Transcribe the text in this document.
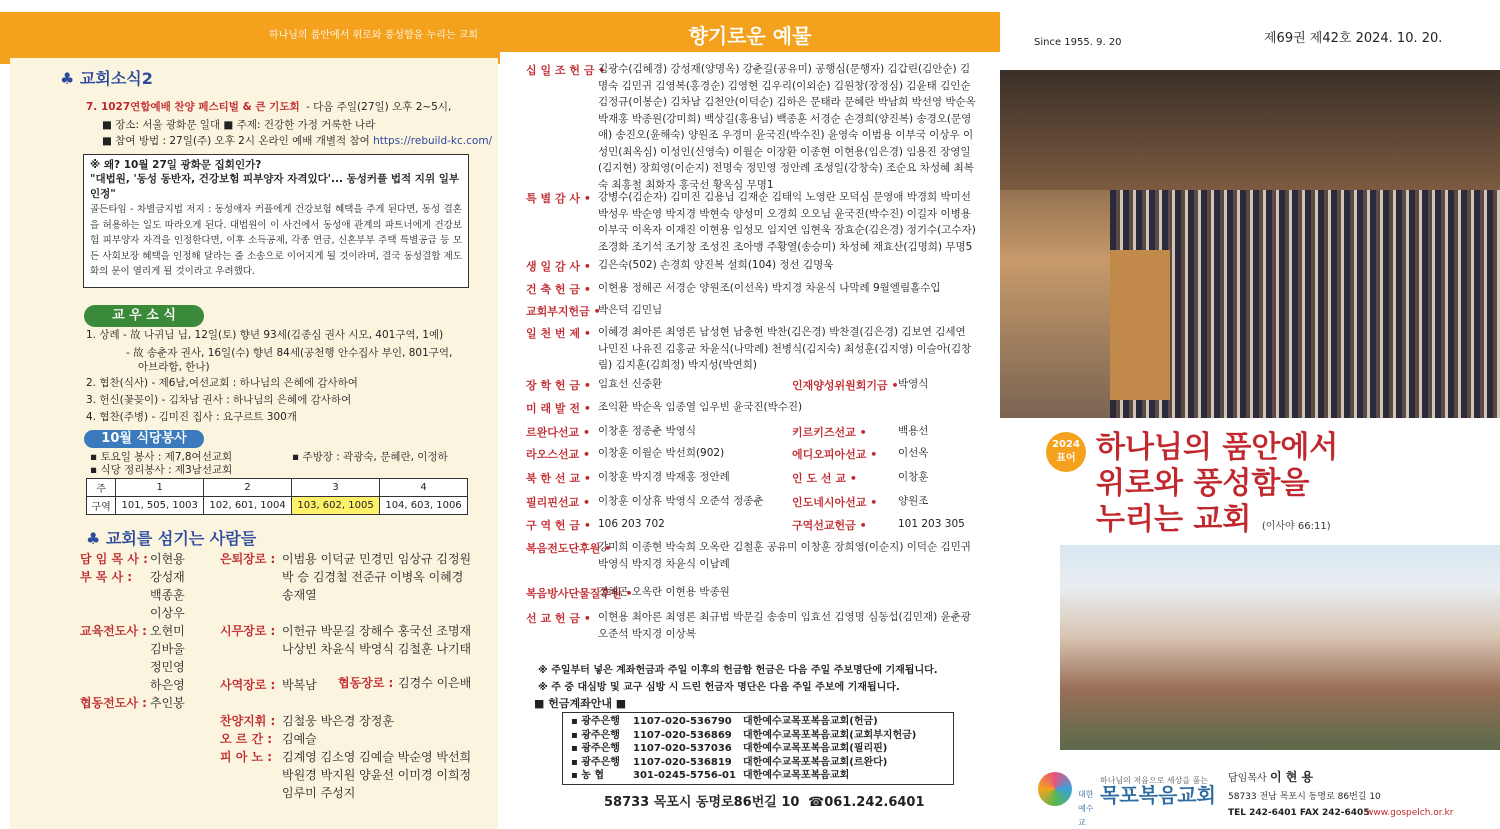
하나님의 품안에서 위로와 풍성함을 누리는 교회
♣ 교회소식2
7. 1027연합예배 찬양 페스티벌 & 큰 기도회 - 다음 주일(27일) 오후 2~5시,
■ 장소: 서울 광화문 일대 ■ 주제: 건강한 가정 거룩한 나라
■ 참여 방법 : 27일(주) 오후 2시 온라인 예배 개별적 참여 https://rebuild-kc.com/
※ 왜? 10월 27일 광화문 집회인가?
"대법원, '동성 동반자, 건강보험 피부양자 자격있다'... 동성커플 법적 지위 일부 인정"
골든타임 - 차별금지법 저지 : 동성애자 커플에게 건강보험 혜택을 주게 된다면, 동성 결혼을 허용하는 일도 따라오게 된다. 대법원이 이 사건에서 동성애 관계의 파트너에게 건강보험 피부양자 자격을 인정한다면, 이후 소득공제, 각종 연금, 신혼부부 주택 특별공급 등 모든 사회보장 혜택을 인정해 달라는 줄 소송으로 이어지게 될 것이라며, 결국 동성결합 제도화의 문이 열리게 될 것이라고 우려했다.
교 우 소 식
1. 상례 - 故 나귀님 님, 12일(토) 향년 93세(김종심 권사 시모, 401구역, 1예)
- 故 송춘자 권사, 16일(수) 향년 84세(공천행 안수집사 부인, 801구역,
아브라함, 한나)
2. 협찬(식사) - 제6남,여선교회 : 하나님의 은혜에 감사하여
3. 헌신(꽃꽂이) - 김차남 권사 : 하나님의 은혜에 감사하여
4. 협찬(주병) - 김미진 집사 : 요구르트 300개
10월 식당봉사
▪ 토요일 봉사 : 제7,8여선교회	▪ 주방장 : 곽광숙, 문혜란, 이정하
▪ 식당 정리봉사 : 제3남선교회
주	1	2	3	4
구역	101, 505, 1003	102, 601, 1004	103, 602, 1005	104, 603, 1006
♣ 교회를 섬기는 사람들
담 임 목 사 : 이현용
부 목 사 :	강성재
백종훈
이상우
교육전도사 : 오현미
김바울
정민영
하은영
협동전도사 : 추인봉
은퇴장로 : 이범용 이덕균 민경민 임상규 김정원
박 승 김경철 전준규 이병옥 이혜경
송재열
시무장로 : 이헌규 박문길 장해수 홍국선 조명재
나상빈 차윤식 박영식 김철훈 나기태
사역장로 : 박복남
찬양지휘 : 김철웅 박은경 장정훈
오 르 간 : 김예슬
피 아 노 : 김계영 김소영 김예슬 박순영 박선희
박원경 박지원 양윤선 이미경 이희정
임루미 주성지
협동장로 : 김경수 이은배
향기로운 예물
십 일 조 헌 금 •
김광수(김혜경) 강성재(양명옥) 강춘길(공유미) 공행심(문행자) 김갑린(김안순) 김명숙 김민귀 김영복(홍경순) 김영현 김우리(이외순) 김원창(장정심) 김윤태 김인순 김정규(이봉순) 김차남 김천안(이덕순) 김하은 문태라 문혜란 박남희 박선영 박순옥 박재홍 박종원(강미희) 백상길(홍용님) 백종훈 서경순 손경희(양진복) 송경오(문영애) 송진오(윤해숙) 양원조 우경미 윤국진(박수진) 윤영숙 이범용 이부국 이상우 이성민(최옥심) 이성인(신영숙) 이월순 이장환 이종현 이현용(임은경) 임용진 장영일(김지현) 장희영(이순지) 전명숙 정민영 정안례 조성일(강창숙) 조순요 차성혜 최복숙 최홍철 최화자 홍국선 황옥심 무명1
특 별 감 사 • 강병수(김순자) 김미진 김용님 김재순 김태익 노영란 모덕심 문영애 박경희 박미선 박성우 박순영 박지경 박현숙 양성미 오경희 오오님 윤국진(박수진) 이길자 이병용 이부국 이옥자 이재진 이현용 임성모 임지연 임현욱 장효순(김은경) 정기수(고수자) 조경화 조기석 조기창 조성진 조아맹 주황열(송승미) 차성혜 채효산(김명희) 무명5
생 일 감 사 • 김은숙(502) 손경희 양진복 설희(104) 정선 김명욱
건 축 헌 금 • 이현용 정해곤 서경순 양원조(이선옥) 박지경 차윤식 나막례 9월엘림홀수입
교회부지헌금 •
박은덕 김민님
일 천 번 제 • 이혜경 최아론 최영론 남성현 남충현 박찬(김은경) 박찬결(김은경) 김보연 김세연 나민진 나유진 김홍균 차윤식(나막례) 천병식(김지숙) 최성훈(김지영) 이슬아(김창림) 김지훈(김희정) 박지성(박연희)
장 학 헌 금 • 임효선 신중환
미 래 발 전 • 조익환 박순옥 임종열 임우빈 윤국진(박수진)
르완다선교 • 이창훈 정종춘 박영식
라오스선교 • 이창훈 이월순 박선희(902)
북 한 선 교 • 이창훈 박지경 박재홍 정안례
필리핀선교 • 이창훈 이상휴 박영식 오준석 정종춘
구 역 헌 금 • 106 203 702
복음전도단후원 •
강미희 이종현 박숙희 오옥란 김철훈 공유미 이창훈 장희영(이순지) 이덕순 김민귀 박영식 박지경 차윤식 이남례
복음방사단물질후원 •
정해곤 오옥란 이현용 박종원
선 교 헌 금 • 이현용 최아론 최영론 최규범 박문길 송송미 임효선 김영명 심동섭(김민재) 윤춘광 오준석 박지경 이상복
인재양성위원회기금 • 박영식
키르키즈선교 •	백용선
에디오피아선교 • 이선옥
인 도 선 교 •	이창훈
인도네시아선교 • 양원조
구역선교헌금 •	101 203 305
※ 주일부터 넣은 계좌헌금과 주일 이후의 헌금함 헌금은 다음 주일 주보명단에 기재됩니다.
※ 주 중 대심방 및 교구 심방 시 드린 헌금자 명단은 다음 주일 주보에 기재됩니다.
■ 헌금계좌안내 ■
▪ 광주은행	1107-020-536790	대한예수교목포복음교회(헌금)
▪ 광주은행	1107-020-536869	대한예수교목포복음교회(교회부지헌금)
▪ 광주은행	1107-020-537036	대한예수교목포복음교회(필리핀)
▪ 광주은행	1107-020-536819	대한예수교목포복음교회(르완다)
▪ 농 협	301-0245-5756-01 대한예수교목포복음교회
58733 목포시 동명로86번길 10 ☎061.242.6401
Since 1955. 9. 20	제69권 제42호 2024. 10. 20.
2024 표어 하나님의 품안에서
위로와 풍성함을
누리는 교회 (이사야 66:11)
하나님의 저음으로 세상을 품는
대한 예수교
목포복음교회
담임목사 이 현 용
58733 전남 목포시 동명로 86번길 10
TEL 242-6401 FAX 242-6405
www.gospelch.or.kr
